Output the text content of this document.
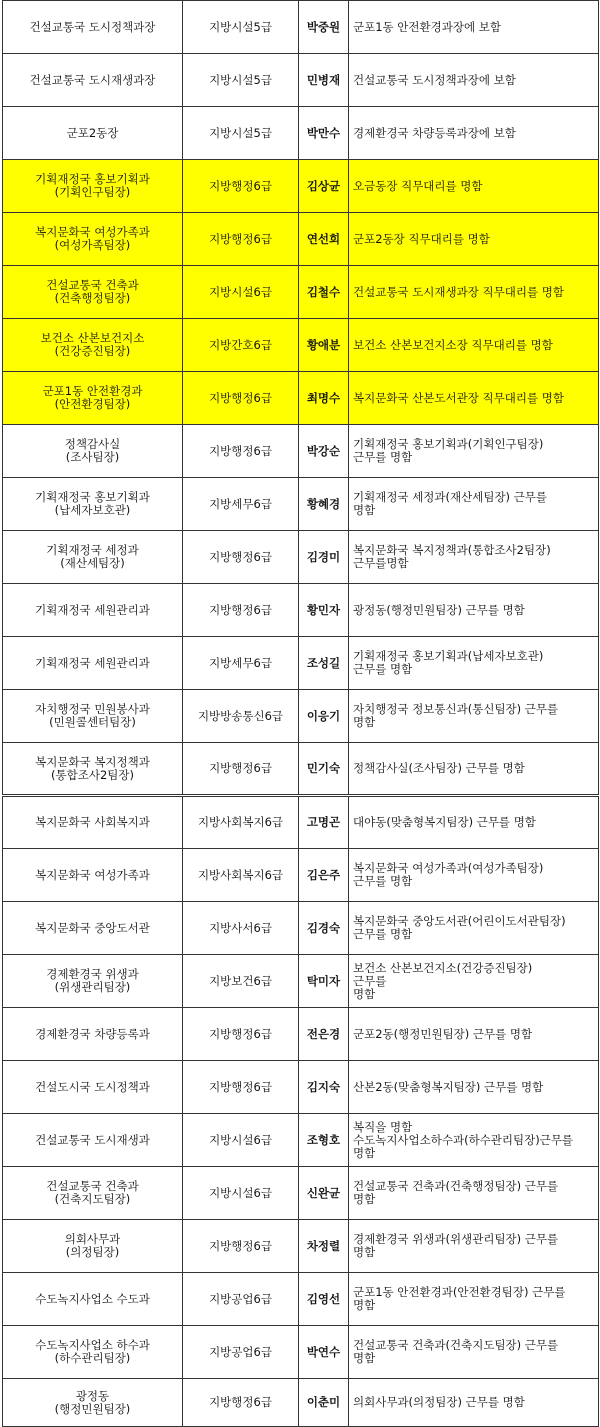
건설교통국 도시정책과장	지방시설5급	박중원	군포1동 안전환경과장에 보함
건설교통국 도시재생과장	지방시설5급	민병재	건설교통국 도시정책과장에 보함
군포2동장	지방시설5급	박만수	경제환경국 차량등록과장에 보함
기획재정국 홍보기획과
(기획인구팀장)	지방행정6급	김상균	오금동장 직무대리를 명함
복지문화국 여성가족과
(여성가족팀장)	지방행정6급	연선희	군포2동장 직무대리를 명함
건설교통국 건축과
(건축행정팀장)	지방시설6급	김철수	건설교통국 도시재생과장 직무대리를 명함
보건소 산본보건지소
(건강증진팀장)	지방간호6급	황애분	보건소 산본보건지소장 직무대리를 명함
군포1동 안전환경과
(안전환경팀장)	지방행정6급	최명수	복지문화국 산본도서관장 직무대리를 명함
정책감사실
(조사팀장)	지방행정6급	박강순	기획재정국 홍보기획과(기획인구팀장)
근무를 명함
기획재정국 홍보기획과
(납세자보호관)	지방세무6급	황혜경	기획재정국 세정과(재산세팀장) 근무를
명함
기획재정국 세정과
(재산세팀장)	지방행정6급	김경미	복지문화국 복지정책과(통합조사2팀장)
근무를명함
기획재정국 세원관리과	지방행정6급	황민자	광정동(행정민원팀장) 근무를 명함
기획재정국 세원관리과	지방세무6급	조성길	기획재정국 홍보기획과(납세자보호관)
근무를 명함
자치행정국 민원봉사과
(민원콜센터팀장)	지방방송통신6급	이응기	자치행정국 정보통신과(통신팀장) 근무를
명함
복지문화국 복지정책과
(통합조사2팀장)	지방행정6급	민기숙	정책감사실(조사팀장) 근무를 명함
복지문화국 사회복지과	지방사회복지6급	고명곤	대야동(맞춤형복지팀장) 근무를 명함
복지문화국 여성가족과	지방사회복지6급	김은주	복지문화국 여성가족과(여성가족팀장)
근무를 명함
복지문화국 중앙도서관	지방사서6급	김경숙	복지문화국 중앙도서관(어린이도서관팀장)
근무를 명함
경제환경국 위생과
(위생관리팀장)	지방보건6급	탁미자	보건소 산본보건지소(건강증진팀장)
근무를
명함
경제환경국 차량등록과	지방행정6급	전은경	군포2동(행정민원팀장) 근무를 명함
건설도시국 도시정책과	지방행정6급	김지숙	산본2동(맞춤형복지팀장) 근무를 명함
건설교통국 도시재생과	지방시설6급	조형호	복직을 명함
수도녹지사업소하수과(하수관리팀장)근무를
명함
건설교통국 건축과
(건축지도팀장)	지방시설6급	신완균	건설교통국 건축과(건축행정팀장) 근무를
명함
의회사무과
(의정팀장)	지방행정6급	차정렬	경제환경국 위생과(위생관리팀장) 근무를
명함
수도녹지사업소 수도과	지방공업6급	김영선	군포1동 안전환경과(안전환경팀장) 근무를
명함
수도녹지사업소 하수과
(하수관리팀장)	지방공업6급	박연수	건설교통국 건축과(건축지도팀장) 근무를
명함
광정동
(행정민원팀장)	지방행정6급	이춘미	의회사무과(의정팀장) 근무를 명함
